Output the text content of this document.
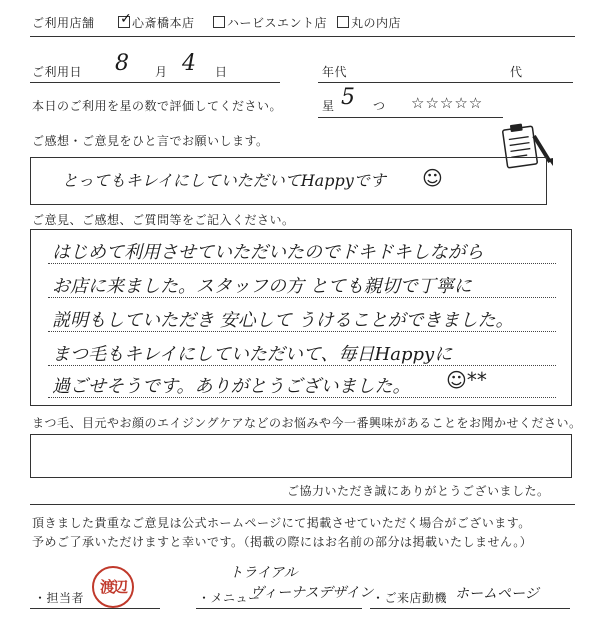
ご利用店舗 ✓ 心斎橋本店	ハービスエント店	丸の内店
ご利用日 8 月 4 日	年代	代
本日のご利用を星の数で評価してください。	星 5 つ ☆☆☆☆☆
ご感想・ご意見をひと言でお願いします。
とってもキレイにしていただいてHappyです ☺
ご意見、ご感想、ご質問等をご記入ください。
はじめて利用させていただいたのでドキドキしながら
お店に来ました。スタッフの方 とても親切で丁寧に
説明もしていただき 安心して うけることができました。
まつ毛もキレイにしていただいて、毎日Happyに
過ごせそうです。ありがとうございました。 ☺**
まつ毛、目元やお顔のエイジングケアなどのお悩みや今一番興味があることをお聞かせください。
ご協力いただき誠にありがとうございました。
頂きました貴重なご意見は公式ホームページにて掲載させていただく場合がございます。
予めご了承いただけますと幸いです。（掲載の際にはお名前の部分は掲載いたしません。）
・担当者
渡辺
・メニュー
トライアル
ヴィーナスデザイン
・ご来店動機 ホームページ
